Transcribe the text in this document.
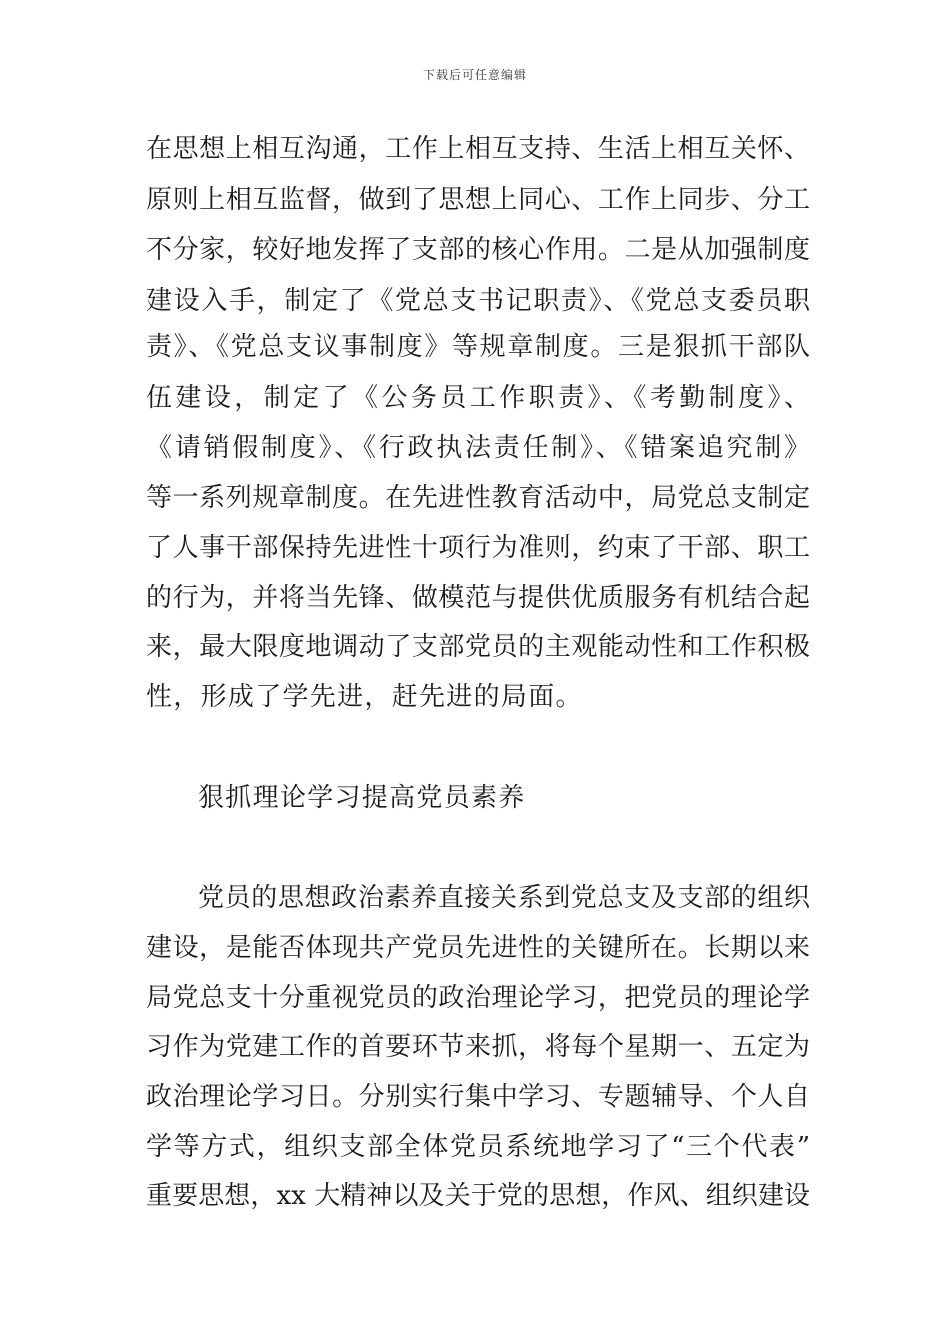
下载后可任意编辑
在思想上相互沟通，工作上相互支持、生活上相互关怀、
原则上相互监督，做到了思想上同心、工作上同步、分工
不分家，较好地发挥了支部的核心作用。二是从加强制度
建设入手，制定了《党总支书记职责》、《党总支委员职
责》、《党总支议事制度》等规章制度。三是狠抓干部队
伍建设，制定了《公务员工作职责》、《考勤制度》、
《请销假制度》、《行政执法责任制》、《错案追究制》
等一系列规章制度。在先进性教育活动中，局党总支制定
了人事干部保持先进性十项行为准则，约束了干部、职工
的行为，并将当先锋、做模范与提供优质服务有机结合起
来，最大限度地调动了支部党员的主观能动性和工作积极
性，形成了学先进，赶先进的局面。
狠抓理论学习提高党员素养
党员的思想政治素养直接关系到党总支及支部的组织
建设，是能否体现共产党员先进性的关键所在。长期以来
局党总支十分重视党员的政治理论学习，把党员的理论学
习作为党建工作的首要环节来抓，将每个星期一、五定为
政治理论学习日。分别实行集中学习、专题辅导、个人自
学等方式，组织支部全体党员系统地学习了“三个代表”
重要思想，xx 大精神以及关于党的思想，作风、组织建设
